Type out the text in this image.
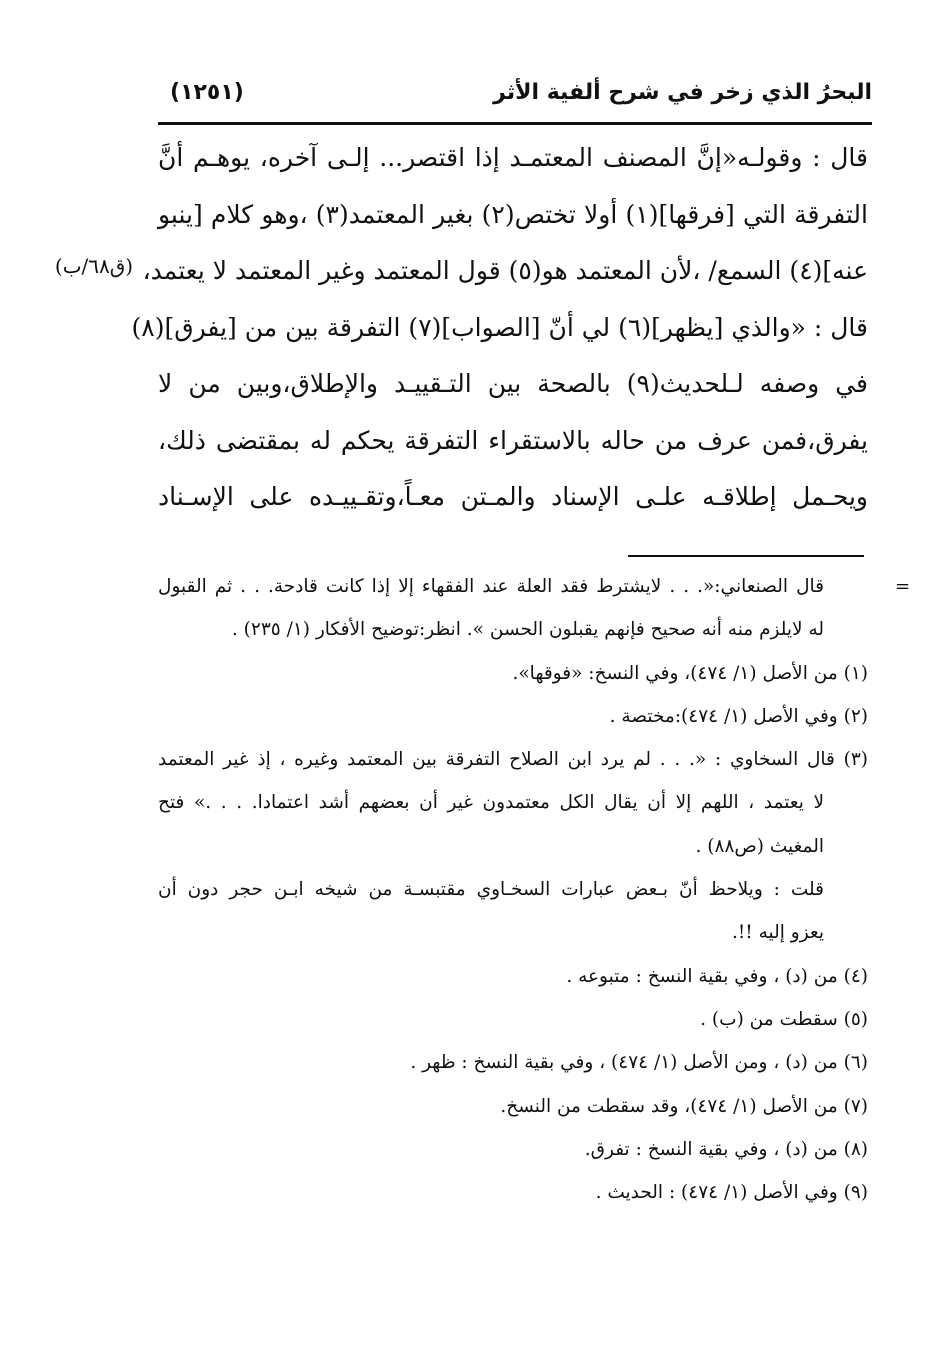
البحرُ الذي زخر في شرح ألفية الأثر
(١٢٥١)
(ق٦٨/ب)
قال : وقولـه«إنَّ المصنف المعتمـد إذا اقتصر... إلـى آخره، يوهـم أنَّ
التفرقة التي [فرقها](١) أولا تختص(٢) بغير المعتمد(٣) ،وهو كلام [ينبو
عنه](٤) السمع/ ،لأن المعتمد هو(٥) قول المعتمد وغير المعتمد لا يعتمد،
قال : «والذي [يظهر](٦) لي أنّ [الصواب](٧) التفرقة بين من [يفرق](٨)
في وصفه لـلحديث(٩) بالصحة بين التـقييـد والإطلاق،وبين من لا
يفرق،فمن عرف من حاله بالاستقراء التفرقة يحكم له بمقتضى ذلك،
ويحـمل إطلاقـه علـى الإسناد والمـتن معـاً،وتقـييـده على الإسـناد
=
قال الصنعاني:«. . . لايشترط فقد العلة عند الفقهاء إلا إذا كانت قادحة. . . ثم القبول
له لايلزم منه أنه صحيح فإنهم يقبلون الحسن ». انظر:توضيح الأفكار (١/ ٢٣٥) .
(١) من الأصل (١/ ٤٧٤)، وفي النسخ: «فوقها».
(٢) وفي الأصل (١/ ٤٧٤):مختصة .
(٣) قال السخاوي : «. . . لم يرد ابن الصلاح التفرقة بين المعتمد وغيره ، إذ غير المعتمد
لا يعتمد ، اللهم إلا أن يقال الكل معتمدون غير أن بعضهم أشد اعتمادا. . . .» فتح
المغيث (ص٨٨) .
قلت : ويلاحظ أنّ بـعض عبارات السخـاوي مقتبسـة من شيخه ابـن حجر دون أن
يعزو إليه !!.
(٤) من (د) ، وفي بقية النسخ : متبوعه .
(٥) سقطت من (ب) .
(٦) من (د) ، ومن الأصل (١/ ٤٧٤) ، وفي بقية النسخ : ظهر .
(٧) من الأصل (١/ ٤٧٤)، وقد سقطت من النسخ.
(٨) من (د) ، وفي بقية النسخ : تفرق.
(٩) وفي الأصل (١/ ٤٧٤) : الحديث .
